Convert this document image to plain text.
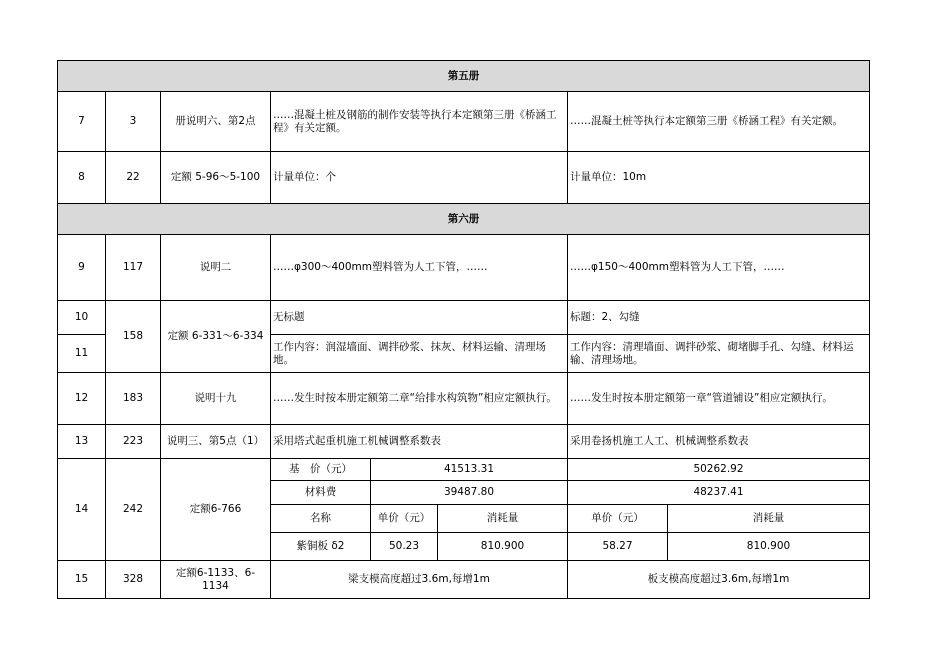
第五册							
7	3	册说明六、第2点	……混凝土桩及钢筋的制作安装等执行本定额第三册《桥涵工程》有关定额。			……混凝土桩等执行本定额第三册《桥涵工程》有关定额。	
8	22	定额 5-96～5-100	计量单位：个			计量单位：10m	
第六册							
9	117	说明二	……φ300～400mm塑料管为人工下管，……			……φ150～400mm塑料管为人工下管，……	
10	158	定额 6-331～6-334	无标题			标题：2、勾缝	
11			工作内容：润湿墙面、调拌砂浆、抹灰、材料运输、清理场地。			工作内容：清理墙面、调拌砂浆、砌堵脚手孔、勾缝、材料运输、清理场地。	
12	183	说明十九	……发生时按本册定额第二章“给排水构筑物”相应定额执行。			……发生时按本册定额第一章“管道铺设”相应定额执行。	
13	223	说明三、第5点（1）	采用塔式起重机施工机械调整系数表			采用卷扬机施工人工、机械调整系数表	
14	242	定额6-766	基　价（元）	41513.31		50262.92	
			材料费	39487.80		48237.41	
			名称	单价（元）	消耗量	单价（元）	消耗量
			紫铜板 δ2	50.23	810.900	58.27	810.900
15	328	定额6-1133、6-1134	梁支模高度超过3.6m,每增1m			板支模高度超过3.6m,每增1m	
